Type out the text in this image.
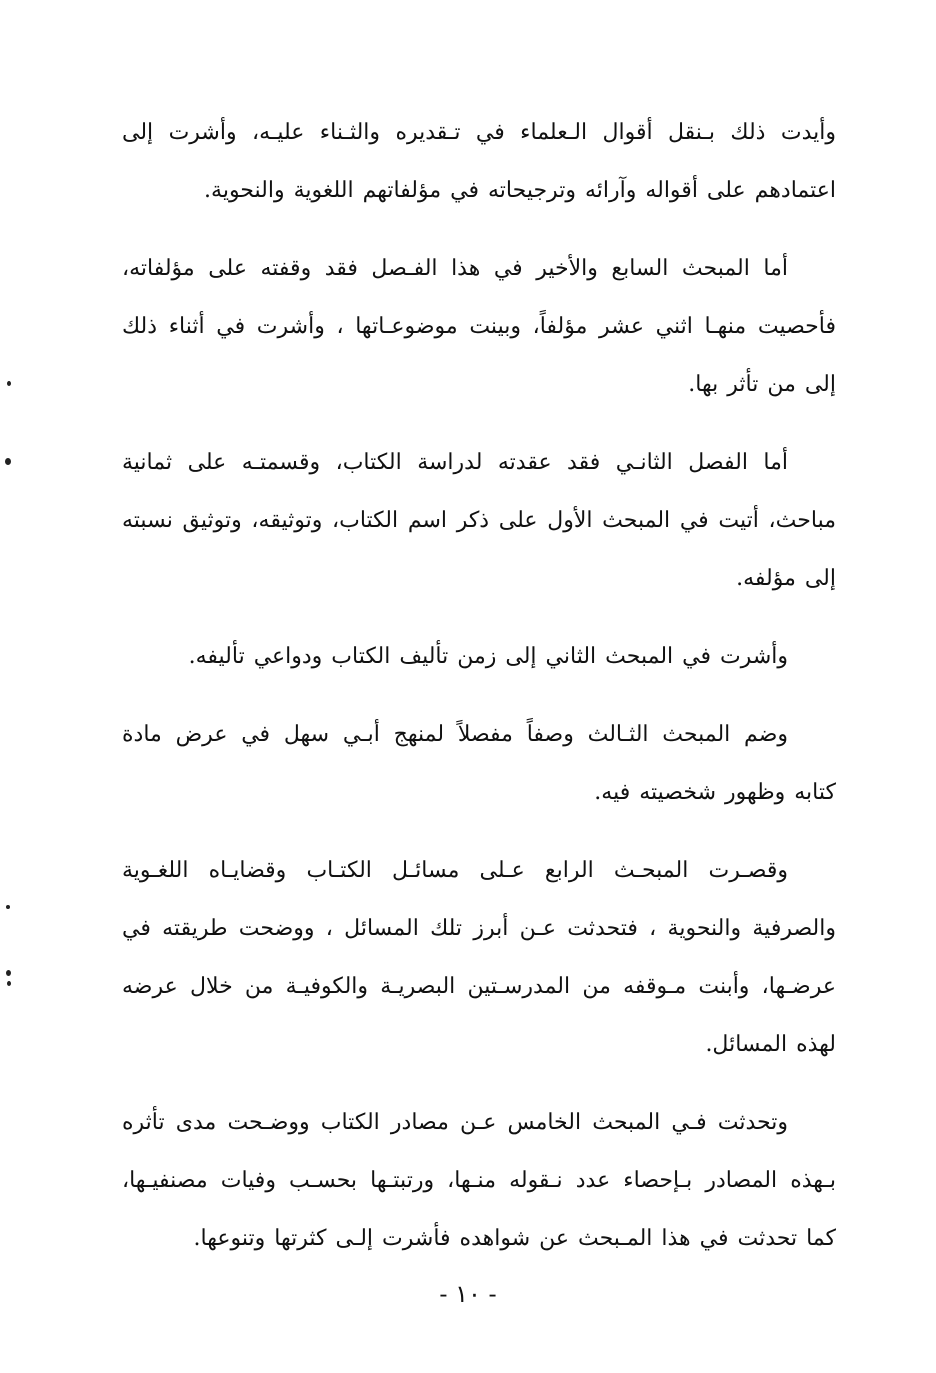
وأيدت ذلك بـنقل أقوال الـعلماء في تـقديره والثـناء عليـه، وأشرت إلى اعتمادهم على أقواله وآرائه وترجيحاته في مؤلفاتهم اللغوية والنحوية.

أما المبحث السابع والأخير في هذا الفـصل فقد وقفته على مؤلفاته، فأحصيت منهـا اثني عشر مؤلفاً، وبينت موضوعـاتها ، وأشرت في أثناء ذلك إلى من تأثر بها.

أما الفصل الثانـي فقد عقدته لدراسة الكتاب، وقسمتـه على ثمانية مباحث، أتيت في المبحث الأول على ذكر اسم الكتاب، وتوثيقه، وتوثيق نسبته إلى مؤلفه.

وأشرت في المبحث الثاني إلى زمن تأليف الكتاب ودواعي تأليفه.

وضم المبحث الثـالث وصفاً مفصلاً لمنهج أبـي سهل في عرض مادة كتابه وظهور شخصيته فيه.

وقصـرت المبحـث الرابع عـلى مسائـل الكتـاب وقضايـاه اللغـوية والصرفية والنحوية ، فتحدثت عـن أبرز تلك المسائل ، ووضحت طريقته في عرضـها، وأبنت مـوقفه من المدرسـتين البصريـة والكوفيـة من خلال عرضه لهذه المسائل.

وتحدثت فـي المبحث الخامس عـن مصادر الكتاب ووضـحت مدى تأثره بـهذه المصادر بـإحصاء عدد نـقوله منـها، ورتبتـها بحسـب وفيات مصنفيـها، كما تحدثت في هذا المـبحث عن شواهده فأشرت إلـى كثرتها وتنوعها.

- ١٠ -
